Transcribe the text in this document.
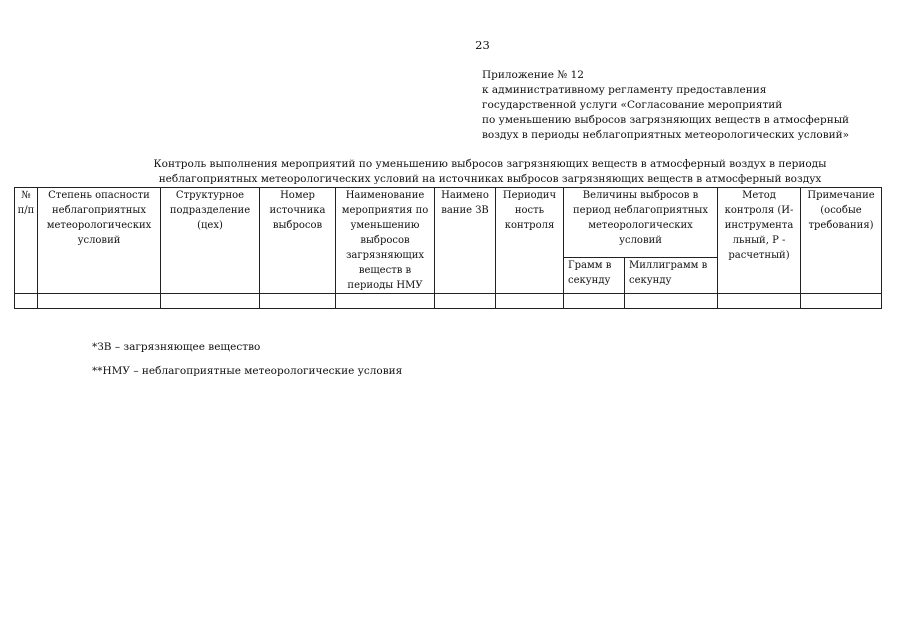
23
Приложение № 12
к административному регламенту предоставления
государственной услуги «Согласование мероприятий
по уменьшению выбросов загрязняющих веществ в атмосферный
воздух в периоды неблагоприятных метеорологических условий»
Контроль выполнения мероприятий по уменьшению выбросов загрязняющих веществ в атмосферный воздух в периоды
неблагоприятных метеорологических условий на источниках выбросов загрязняющих веществ в атмосферный воздух
№ п/п	Степень опасности неблагоприятных метеорологических условий	Структурное подразделение (цех)	Номер источника выбросов	Наименование мероприятия по уменьшению выбросов загрязняющих веществ в периоды НМУ	Наимено вание ЗВ	Периодич ность контроля	Величины выбросов в период неблагоприятных метеорологических условий		Метод контроля (И-инструмента льный, Р - расчетный)	Примечание (особые требования)
							Грамм в секунду	Миллиграмм в секунду		

*ЗВ – загрязняющее вещество
**НМУ – неблагоприятные метеорологические условия
